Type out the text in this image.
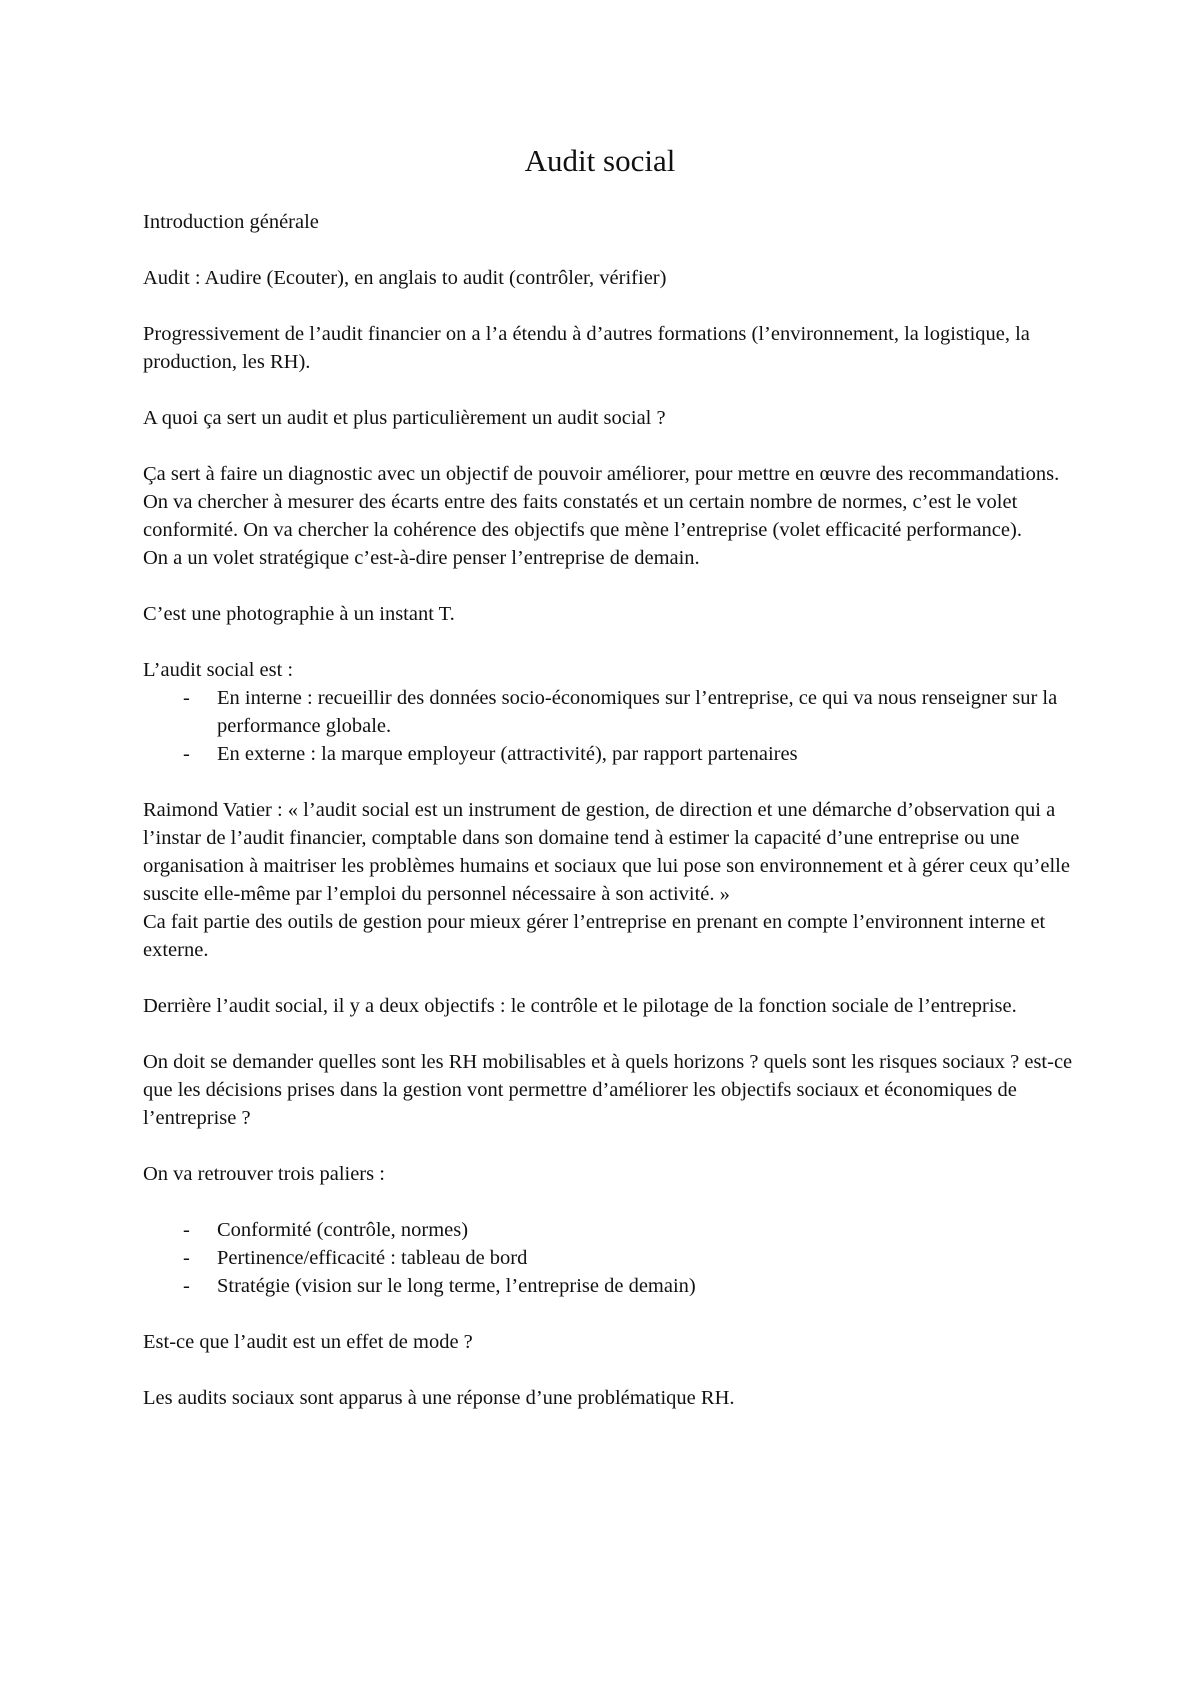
Audit social

Introduction générale

Audit : Audire (Ecouter), en anglais to audit (contrôler, vérifier)

Progressivement de l’audit financier on a l’a étendu à d’autres formations (l’environnement, la logistique, la production, les RH).

A quoi ça sert un audit et plus particulièrement un audit social ?

Ça sert à faire un diagnostic avec un objectif de pouvoir améliorer, pour mettre en œuvre des recommandations. On va chercher à mesurer des écarts entre des faits constatés et un certain nombre de normes, c’est le volet conformité. On va chercher la cohérence des objectifs que mène l’entreprise (volet efficacité performance).

On a un volet stratégique c’est-à-dire penser l’entreprise de demain.

C’est une photographie à un instant T.

L’audit social est :

- En interne : recueillir des données socio-économiques sur l’entreprise, ce qui va nous renseigner sur la performance globale.
- En externe : la marque employeur (attractivité), par rapport partenaires

Raimond Vatier : « l’audit social est un instrument de gestion, de direction et une démarche d’observation qui a l’instar de l’audit financier, comptable dans son domaine tend à estimer la capacité d’une entreprise ou une organisation à maitriser les problèmes humains et sociaux que lui pose son environnement et à gérer ceux qu’elle suscite elle-même par l’emploi du personnel nécessaire à son activité. »

Ca fait partie des outils de gestion pour mieux gérer l’entreprise en prenant en compte l’environnent interne et externe.

Derrière l’audit social, il y a deux objectifs : le contrôle et le pilotage de la fonction sociale de l’entreprise.

On doit se demander quelles sont les RH mobilisables et à quels horizons ? quels sont les risques sociaux ? est-ce que les décisions prises dans la gestion vont permettre d’améliorer les objectifs sociaux et économiques de l’entreprise ?

On va retrouver trois paliers :

- Conformité (contrôle, normes)
- Pertinence/efficacité : tableau de bord
- Stratégie (vision sur le long terme, l’entreprise de demain)

Est-ce que l’audit est un effet de mode ?

Les audits sociaux sont apparus à une réponse d’une problématique RH.
